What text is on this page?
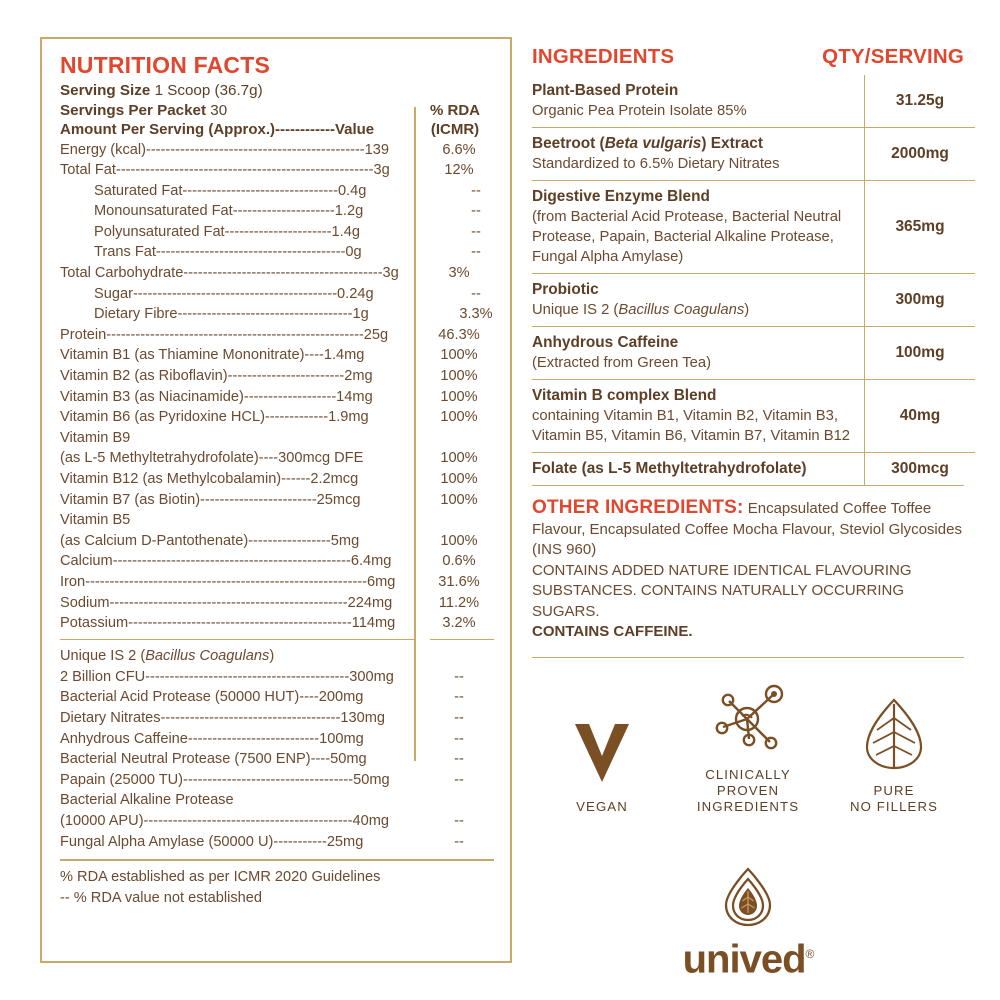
NUTRITION FACTS
Serving Size 1 Scoop (36.7g)
Servings Per Packet 30	% RDA
Amount Per Serving (Approx.)------------Value	(ICMR)
Energy (kcal)---------------------------------------------139	6.6%
Total Fat-----------------------------------------------------3g	12%
Saturated Fat--------------------------------0.4g	--
Monounsaturated Fat---------------------1.2g	--
Polyunsaturated Fat----------------------1.4g	--
Trans Fat---------------------------------------0g	--
Total Carbohydrate-----------------------------------------3g	3%
Sugar------------------------------------------0.24g	--
Dietary Fibre------------------------------------1g	3.3%
Protein-----------------------------------------------------25g	46.3%
Vitamin B1 (as Thiamine Mononitrate)----1.4mg	100%
Vitamin B2 (as Riboflavin)------------------------2mg	100%
Vitamin B3 (as Niacinamide)-------------------14mg	100%
Vitamin B6 (as Pyridoxine HCL)-------------1.9mg	100%
Vitamin B9
(as L-5 Methyltetrahydrofolate)----300mcg DFE	100%
Vitamin B12 (as Methylcobalamin)------2.2mcg	100%
Vitamin B7 (as Biotin)------------------------25mcg	100%
Vitamin B5
(as Calcium D-Pantothenate)-----------------5mg	100%
Calcium-------------------------------------------------6.4mg	0.6%
Iron----------------------------------------------------------6mg	31.6%
Sodium-------------------------------------------------224mg	11.2%
Potassium----------------------------------------------114mg	3.2%
Unique IS 2 (Bacillus Coagulans)
2 Billion CFU------------------------------------------300mg	--
Bacterial Acid Protease (50000 HUT)----200mg	--
Dietary Nitrates-------------------------------------130mg	--
Anhydrous Caffeine---------------------------100mg	--
Bacterial Neutral Protease (7500 ENP)----50mg	--
Papain (25000 TU)-----------------------------------50mg	--
Bacterial Alkaline Protease
(10000 APU)-------------------------------------------40mg	--
Fungal Alpha Amylase (50000 U)-----------25mg	--
% RDA established as per ICMR 2020 Guidelines
-- % RDA value not established
INGREDIENTS	QTY/SERVING
Plant-Based Protein
Organic Pea Protein Isolate 85%	31.25g

Beetroot (Beta vulgaris) Extract
Standardized to 6.5% Dietary Nitrates	2000mg

Digestive Enzyme Blend
(from Bacterial Acid Protease, Bacterial Neutral Protease, Papain, Bacterial Alkaline Protease, Fungal Alpha Amylase)	365mg

Probiotic
Unique IS 2 (Bacillus Coagulans)	300mg

Anhydrous Caffeine
(Extracted from Green Tea)	100mg

Vitamin B complex Blend
containing Vitamin B1, Vitamin B2, Vitamin B3, Vitamin B5, Vitamin B6, Vitamin B7, Vitamin B12	40mg

Folate (as L-5 Methyltetrahydrofolate)	300mcg
OTHER INGREDIENTS: Encapsulated Coffee Toffee Flavour, Encapsulated Coffee Mocha Flavour, Steviol Glycosides (INS 960)
CONTAINS ADDED NATURE IDENTICAL FLAVOURING SUBSTANCES. CONTAINS NATURALLY OCCURRING SUGARS.
CONTAINS CAFFEINE.
VEGAN
CLINICALLY
PROVEN INGREDIENTS
PURE
NO FILLERS
unived®
